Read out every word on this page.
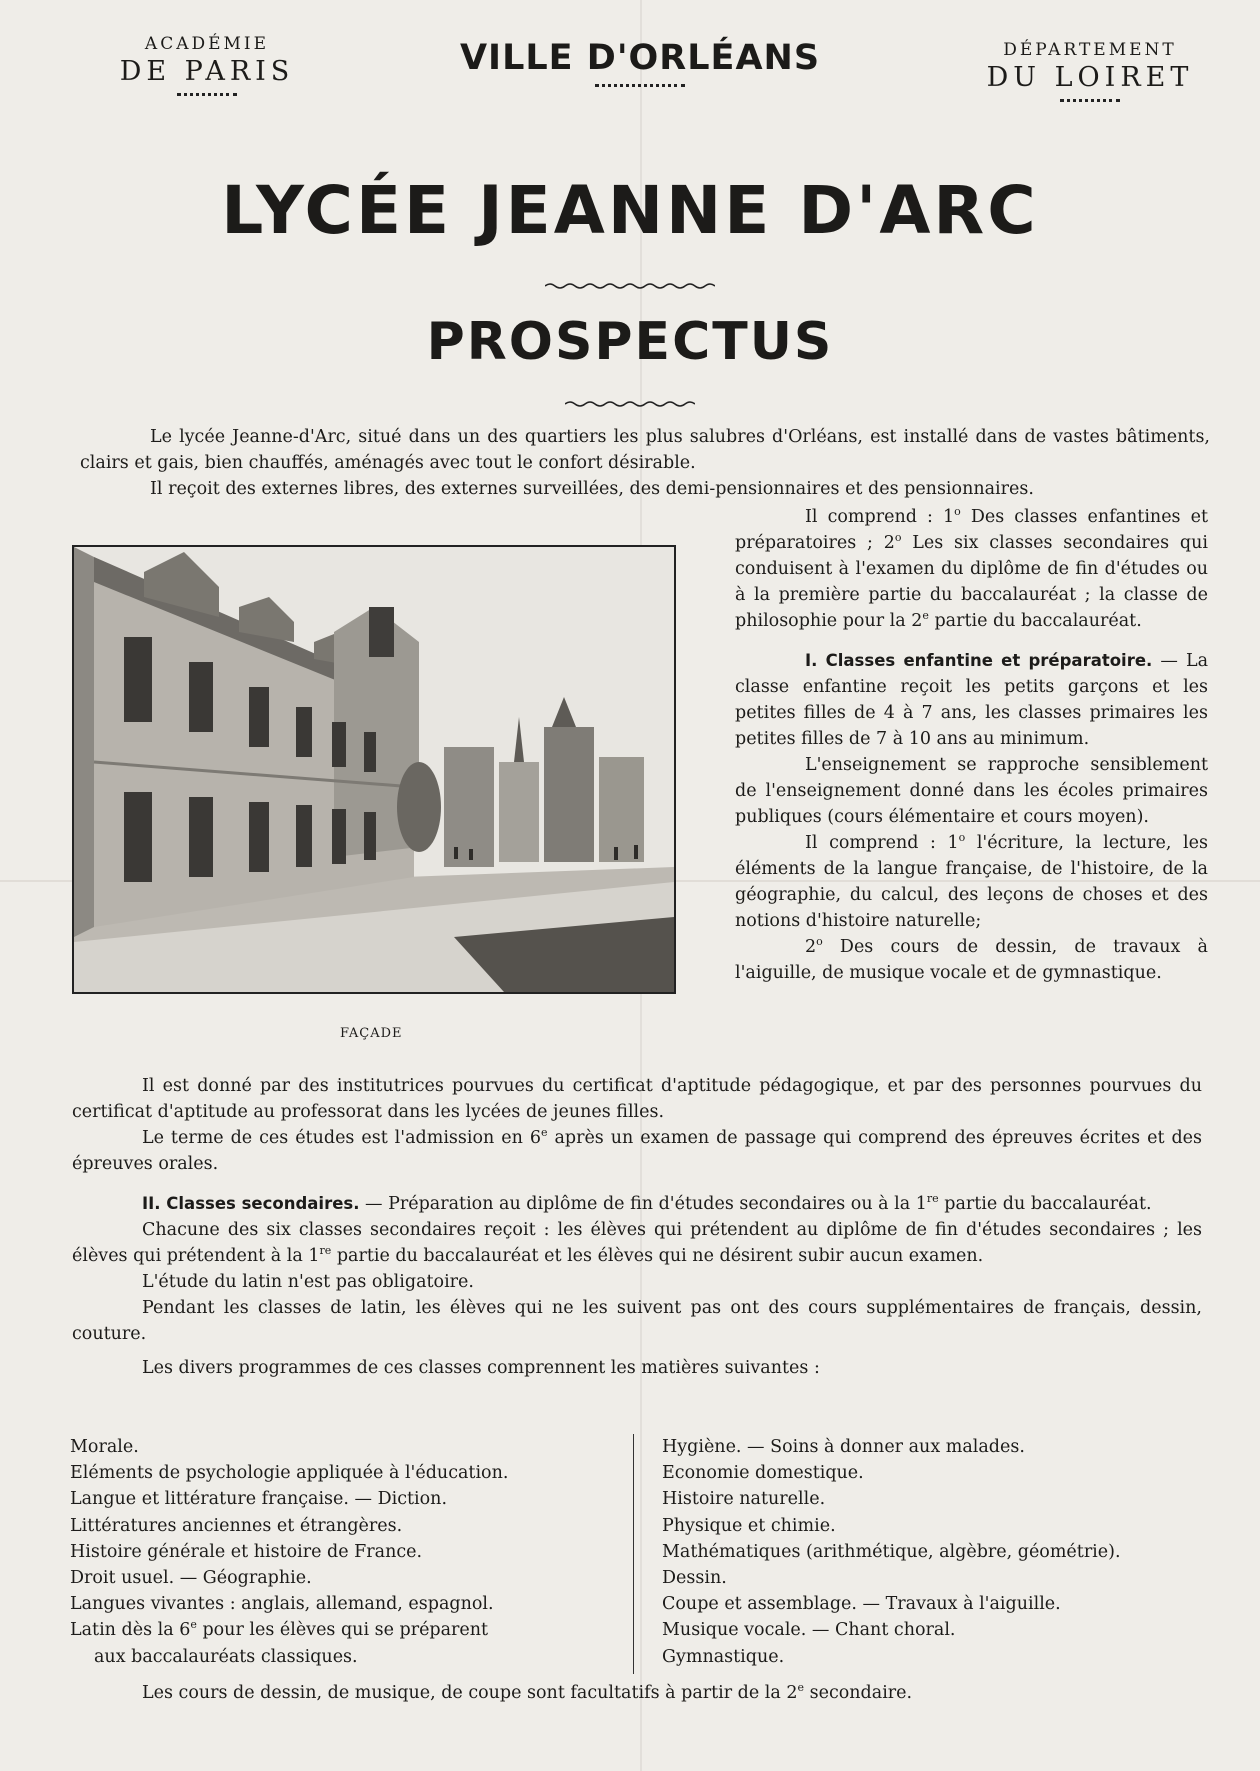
ACADÉMIE
DE PARIS	VILLE D'ORLÉANS	DÉPARTEMENT
DU LOIRET
LYCÉE JEANNE D'ARC
PROSPECTUS

Le lycée Jeanne-d'Arc, situé dans un des quartiers les plus salubres d'Orléans, est installé dans de vastes bâtiments, clairs et gais, bien chauffés, aménagés avec tout le confort désirable.

Il reçoit des externes libres, des externes surveillées, des demi-pensionnaires et des pensionnaires.

FAÇADE

Il comprend : 1$^o$ Des classes enfantines et préparatoires ; 2$^o$ Les six classes secondaires qui conduisent à l'examen du diplôme de fin d'études ou à la première partie du baccalauréat ; la classe de philosophie pour la 2e partie du baccalauréat.

I. Classes enfantine et préparatoire. — La classe enfantine reçoit les petits garçons et les petites filles de 4 à 7 ans, les classes primaires les petites filles de 7 à 10 ans au minimum.

L'enseignement se rapproche sensiblement de l'enseignement donné dans les écoles primaires publiques (cours élémentaire et cours moyen).

Il comprend : 1$^o$ l'écriture, la lecture, les éléments de la langue française, de l'histoire, de la géographie, du calcul, des leçons de choses et des notions d'histoire naturelle;

2$^o$ Des cours de dessin, de travaux à l'aiguille, de musique vocale et de gymnastique.

Il est donné par des institutrices pourvues du certificat d'aptitude pédagogique, et par des personnes pourvues du certificat d'aptitude au professorat dans les lycées de jeunes filles.

Le terme de ces études est l'admission en 6e après un examen de passage qui comprend des épreuves écrites et des épreuves orales.

II. Classes secondaires. — Préparation au diplôme de fin d'études secondaires ou à la 1re partie du baccalauréat.

Chacune des six classes secondaires reçoit : les élèves qui prétendent au diplôme de fin d'études secondaires ; les élèves qui prétendent à la 1re partie du baccalauréat et les élèves qui ne désirent subir aucun examen.

L'étude du latin n'est pas obligatoire.

Pendant les classes de latin, les élèves qui ne les suivent pas ont des cours supplémentaires de français, dessin, couture.

Les divers programmes de ces classes comprennent les matières suivantes :

Morale.
Eléments de psychologie appliquée à l'éducation.
Langue et littérature française. — Diction.
Littératures anciennes et étrangères.
Histoire générale et histoire de France.
Droit usuel. — Géographie.
Langues vivantes : anglais, allemand, espagnol.
Latin dès la 6e pour les élèves qui se préparent
aux baccalauréats classiques.
Hygiène. — Soins à donner aux malades.
Economie domestique.
Histoire naturelle.
Physique et chimie.
Mathématiques (arithmétique, algèbre, géométrie).
Dessin.
Coupe et assemblage. — Travaux à l'aiguille.
Musique vocale. — Chant choral.
Gymnastique.

Les cours de dessin, de musique, de coupe sont facultatifs à partir de la 2e secondaire.
